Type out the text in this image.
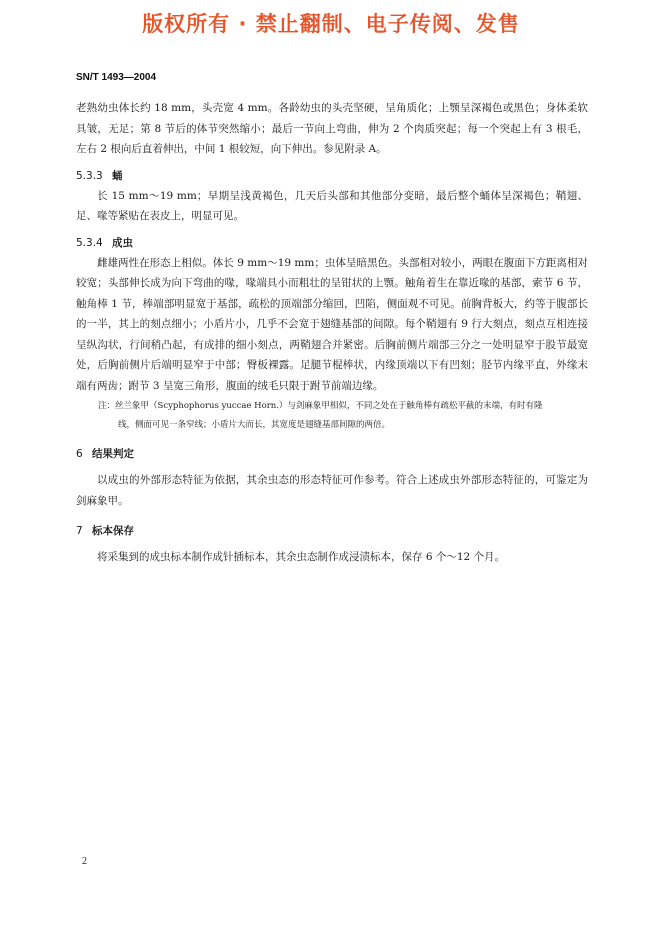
版权所有 · 禁止翻制、电子传阅、发售
SN/T 1493—2004

老熟幼虫体长约 18 mm，头壳宽 4 mm。各龄幼虫的头壳坚硬，呈角质化；上颚呈深褐色或黑色；身体柔软具皱，无足；第 8 节后的体节突然缩小；最后一节向上弯曲，伸为 2 个肉质突起；每一个突起上有 3 根毛，左右 2 根向后直着伸出，中间 1 根较短，向下伸出。参见附录 A。

5.3.3 蛹

长 15 mm～19 mm；早期呈浅黄褐色，几天后头部和其他部分变暗，最后整个蛹体呈深褐色；鞘翅、足、喙等紧贴在表皮上，明显可见。

5.3.4 成虫

雌雄两性在形态上相似。体长 9 mm～19 mm；虫体呈暗黑色。头部相对较小，两眼在腹面下方距离相对较宽；头部伸长成为向下弯曲的喙，喙端具小而粗壮的呈钳状的上颚。触角着生在靠近喙的基部，索节 6 节，触角棒 1 节，棒端部明显宽于基部，疏松的顶端部分缩回，凹陷，侧面观不可见。前胸背板大，约等于腹部长的一半，其上的刻点细小；小盾片小，几乎不会宽于翅缝基部的间隙。每个鞘翅有 9 行大刻点，刻点互相连接呈纵沟状，行间稍凸起，有成排的细小刻点，两鞘翅合并紧密。后胸前侧片端部三分之一处明显窄于股节最宽处，后胸前侧片后端明显窄于中部；臀板裸露。足腿节棍棒状，内缘顶端以下有凹刻；胫节内缘平直，外缘末端有两齿；跗节 3 呈宽三角形，腹面的绒毛只限于跗节前端边缘。

注：丝兰象甲（Scyphophorus yuccae Horn.）与剑麻象甲相似，不同之处在于触角棒有疏松平截的末端，有时有隆

线，侧面可见一条窄线；小盾片大而长，其宽度是翅缝基部间隙的两倍。

6 结果判定

以成虫的外部形态特征为依据，其余虫态的形态特征可作参考。符合上述成虫外部形态特征的，可鉴定为剑麻象甲。

7 标本保存

将采集到的成虫标本制作成针插标本，其余虫态制作成浸渍标本，保存 6 个～12 个月。

2
